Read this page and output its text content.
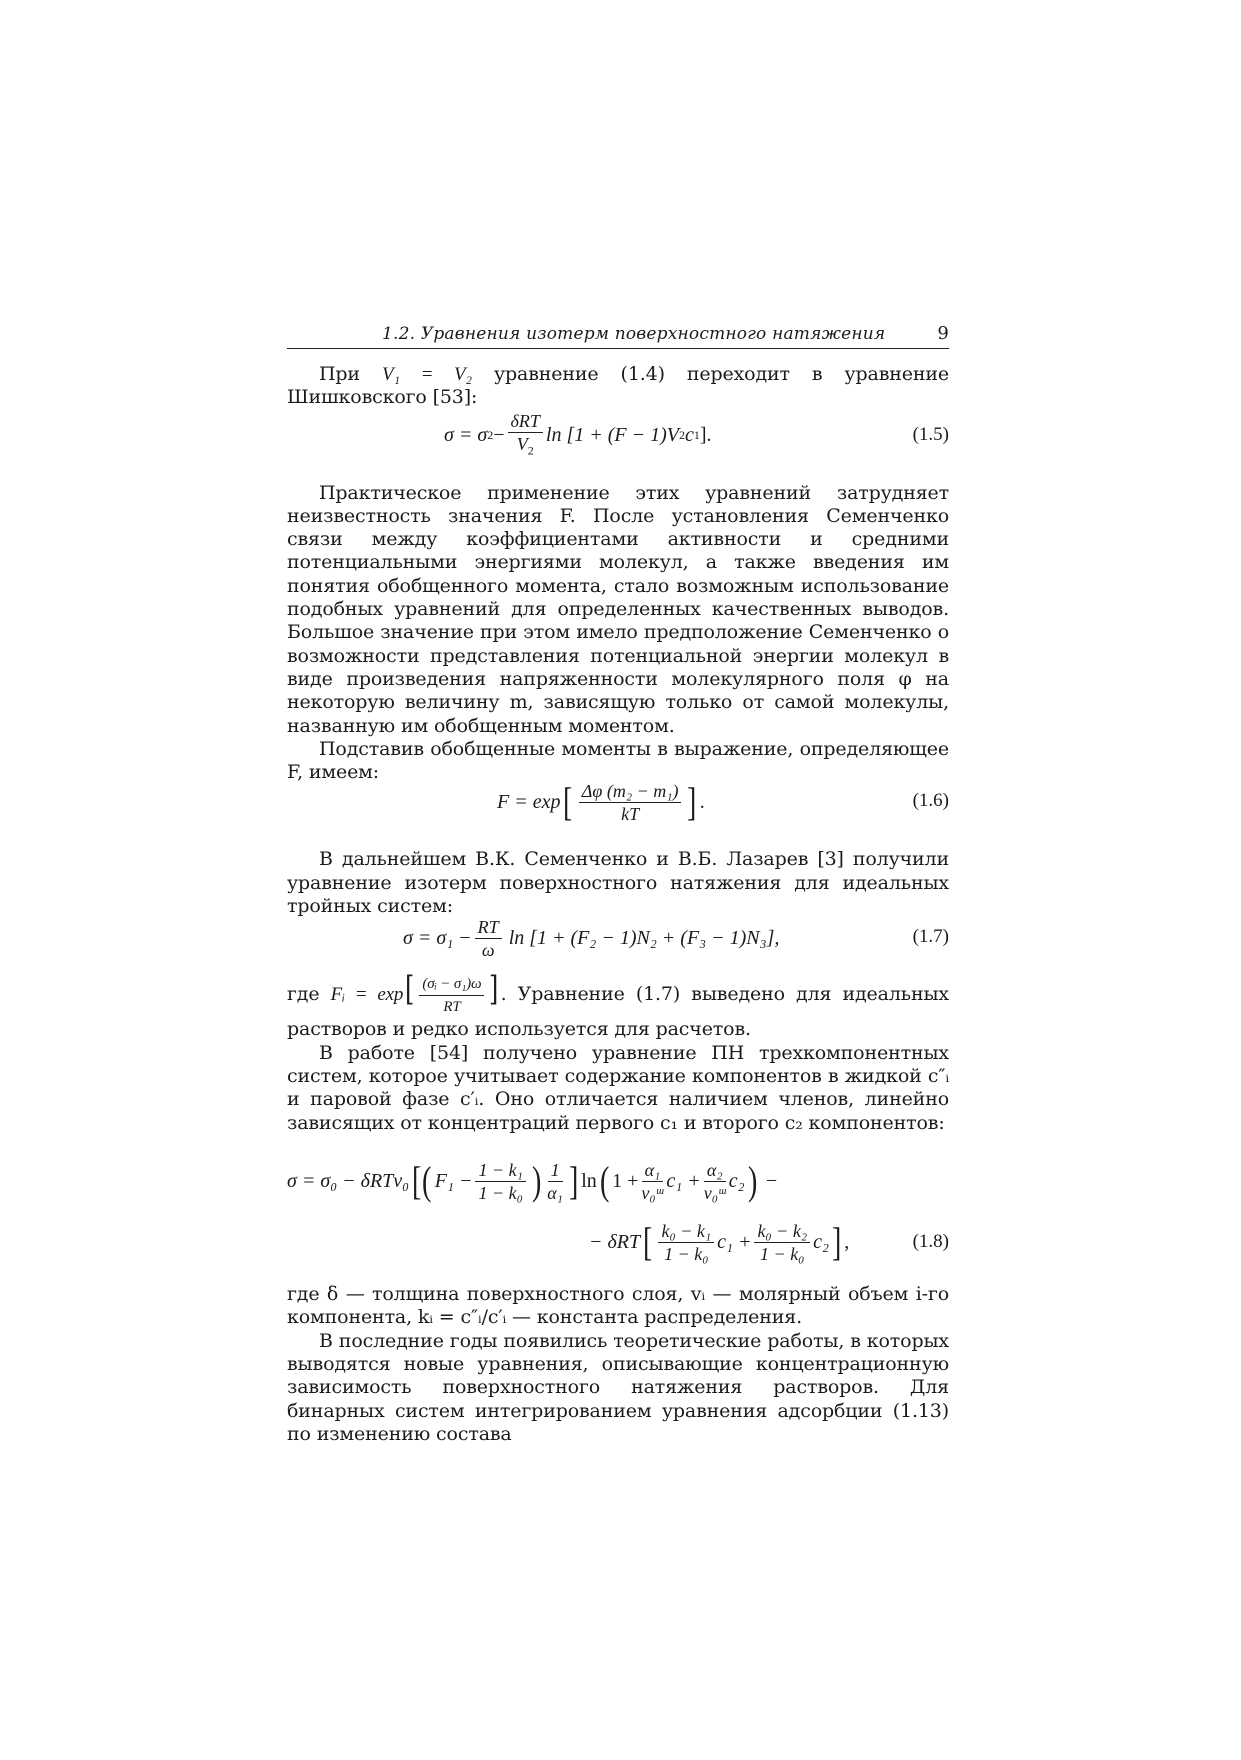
1.2. Уравнения изотерм поверхностного натяжения	9

При V₁ = V₂ уравнение (1.4) переходит в уравнение Шишковского [53]:

σ = σ $2 - \frac{\text{δRT}}{V_2}$ ln [1 + (F − 1)V 2 c 1 ].	(1.5)

Практическое применение этих уравнений затрудняет неизвестность значения F. После установления Семенченко связи между коэффициентами активности и средними потенциальными энергиями молекул, а также введения им понятия обобщенного момента, стало возможным использование подобных уравнений для определенных качественных выводов. Большое значение при этом имело предположение Семенченко о возможности представления потенциальной энергии молекул в виде произведения напряженности молекулярного поля φ на некоторую величину m, зависящую только от самой молекулы, названную им обобщенным моментом.

Подставив обобщенные моменты в выражение, определяющее F, имеем:

F = exp [ $\frac{\text{Δφ (m₂ − m₁)}}{kT}$ ] .	(1.6)

В дальнейшем В.К. Семенченко и В.Б. Лазарев [3] получили уравнение изотерм поверхностного натяжения для идеальных тройных систем:

$\sigma = \sigma_1 - \frac{RT}{\omega}$ ln [1 + (F₂ − 1)N₂ + (F₃ − 1)N₃],	(1.7)

где Fᵢ = $\exp[ \frac{\text{(σᵢ − σ₁)ω}}{RT}$ ] . Уравнение (1.7) выведено для идеальных растворов и редко используется для расчетов.

В работе [54] получено уравнение ПН трехкомпонентных систем, которое учитывает содержание компонентов в жидкой c″ᵢ и паровой фазе c′ᵢ. Оно отличается наличием членов, линейно зависящих от концентраций первого c₁ и второго c₂ компонентов:

σ = σ₀ − δRTv₀ [ ( $F_1 - \frac{\text{1 − k₁}}{\text{1 − k₀}}$ ) $\frac{1}{\text{α₁}}$ ] ln ( $1 + \frac{\text{α₁}}{\text{v₀ᵚ}} c_1 + \frac{\text{α₂}}{\text{v₀ᵚ}} c_2$ ) −
− δRT [ $\frac{\text{k₀ − k₁}}{\text{1 − k₀}} c_1 + \frac{\text{k₀ − k₂}}{\text{1 − k₀}} c_2$ ] ,	(1.8)

где δ — толщина поверхностного слоя, vᵢ — молярный объем i-го компонента, kᵢ = c″ᵢ/c′ᵢ — константа распределения.

В последние годы появились теоретические работы, в которых выводятся новые уравнения, описывающие концентрационную зависимость поверхностного натяжения растворов. Для бинарных систем интегрированием уравнения адсорбции (1.13) по изменению состава
